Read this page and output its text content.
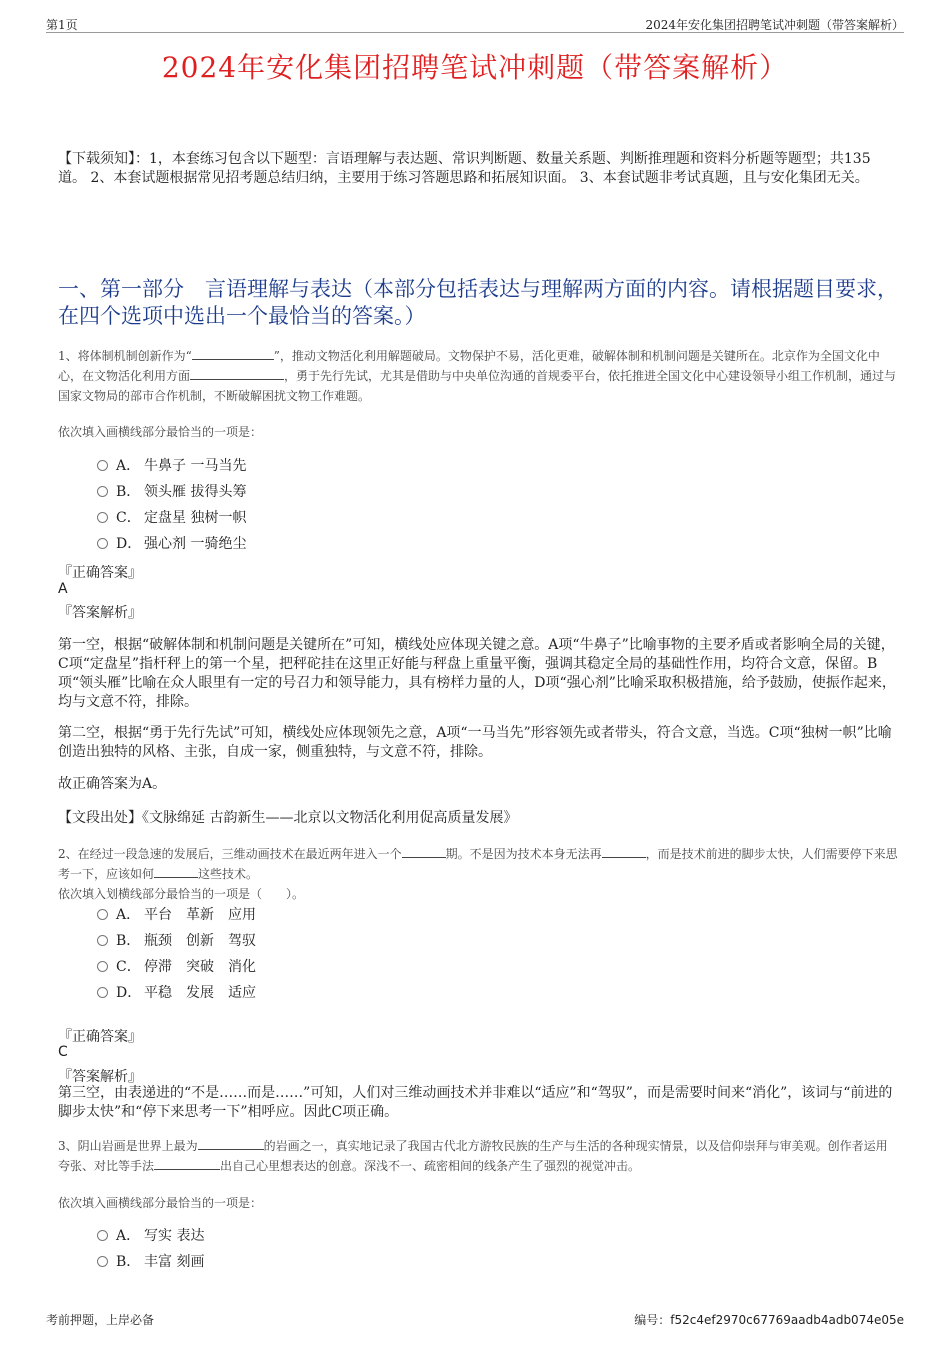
第1页	2024年安化集团招聘笔试冲刺题（带答案解析）
2024年安化集团招聘笔试冲刺题（带答案解析）
【下载须知】：1，本套练习包含以下题型：言语理解与表达题、常识判断题、数量关系题、判断推理题和资料分析题等题型；共135道。 2、本套试题根据常见招考题总结归纳，主要用于练习答题思路和拓展知识面。 3、本套试题非考试真题，且与安化集团无关。
一、第一部分　言语理解与表达（本部分包括表达与理解两方面的内容。请根据题目要求，在四个选项中选出一个最恰当的答案。）
1、将体制机制创新作为“	”，推动文物活化利用解题破局。文物保护不易，活化更难，破解体制和机制问题是关键所在。北京作为全国文化中心，在文物活化利用方面	，勇于先行先试，尤其是借助与中央单位沟通的首规委平台，依托推进全国文化中心建设领导小组工作机制，通过与国家文物局的部市合作机制，不断破解困扰文物工作难题。
依次填入画横线部分最恰当的一项是：
A． 牛鼻子 一马当先
B． 领头雁 拔得头筹
C． 定盘星 独树一帜
D． 强心剂 一骑绝尘
『正确答案』
A
『答案解析』
第一空，根据“破解体制和机制问题是关键所在”可知，横线处应体现关键之意。A项“牛鼻子”比喻事物的主要矛盾或者影响全局的关键，C项“定盘星”指杆秤上的第一个星，把秤砣挂在这里正好能与秤盘上重量平衡，强调其稳定全局的基础性作用，均符合文意，保留。B项“领头雁”比喻在众人眼里有一定的号召力和领导能力，具有榜样力量的人，D项“强心剂”比喻采取积极措施，给予鼓励，使振作起来，均与文意不符，排除。
第二空，根据“勇于先行先试”可知，横线处应体现领先之意，A项“一马当先”形容领先或者带头，符合文意，当选。C项“独树一帜”比喻创造出独特的风格、主张，自成一家，侧重独特，与文意不符，排除。
故正确答案为A。
【文段出处】《文脉绵延 古韵新生——北京以文物活化利用促高质量发展》
2、在经过一段急速的发展后，三维动画技术在最近两年进入一个	期。不是因为技术本身无法再	，而是技术前进的脚步太快，人们需要停下来思考一下，应该如何	这些技术。
依次填入划横线部分最恰当的一项是（　　）。
A． 平台　革新　应用
B． 瓶颈　创新　驾驭
C． 停滞　突破　消化
D． 平稳　发展　适应
『正确答案』
C
『答案解析』
第三空，由表递进的“不是……而是……”可知，人们对三维动画技术并非难以“适应”和“驾驭”，而是需要时间来“消化”，该词与“前进的脚步太快”和“停下来思考一下”相呼应。因此C项正确。
3、阴山岩画是世界上最为	的岩画之一，真实地记录了我国古代北方游牧民族的生产与生活的各种现实情景，以及信仰崇拜与审美观。创作者运用夸张、对比等手法	出自己心里想表达的创意。深浅不一、疏密相间的线条产生了强烈的视觉冲击。
依次填入画横线部分最恰当的一项是：
A． 写实 表达
B． 丰富 刻画
考前押题，上岸必备	编号：f52c4ef2970c67769aadb4adb074e05e
